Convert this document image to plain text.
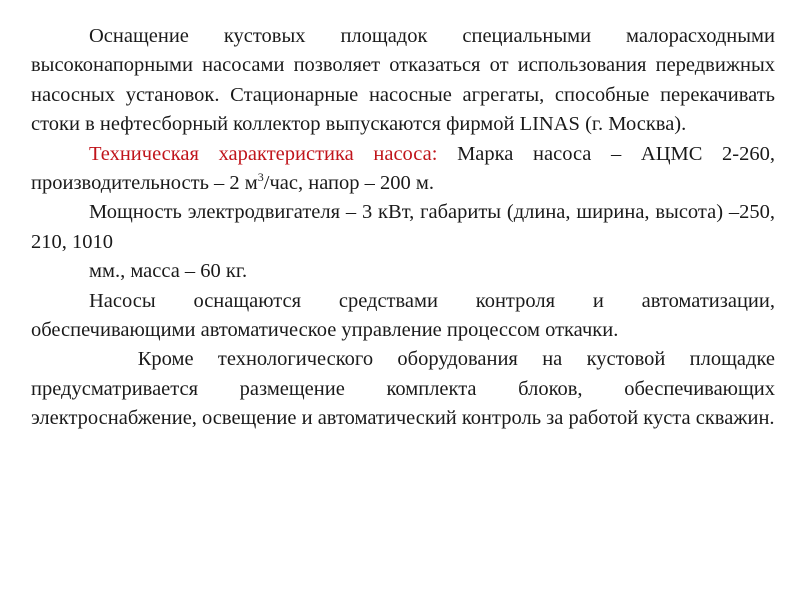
Оснащение кустовых площадок специальными малорасходными высоконапорными насосами позволяет отказаться от использования передвижных насосных установок. Стационарные насосные агрегаты, способные перекачивать стоки в нефтесборный коллектор выпускаются фирмой LINAS (г. Москва).

Техническая характеристика насоса: Марка насоса – АЦМС 2-260, производительность – 2 $м^3$/час, напор – 200 м.

Мощность электродвигателя – 3 кВт, габариты (длина, ширина, высота) –250, 210, 1010

мм., масса – 60 кг.

Насосы оснащаются средствами контроля и автоматизации, обеспечивающими автоматическое управление процессом откачки.

Кроме технологического оборудования на кустовой площадке предусматривается размещение комплекта блоков, обеспечивающих электроснабжение, освещение и автоматический контроль за работой куста скважин.
